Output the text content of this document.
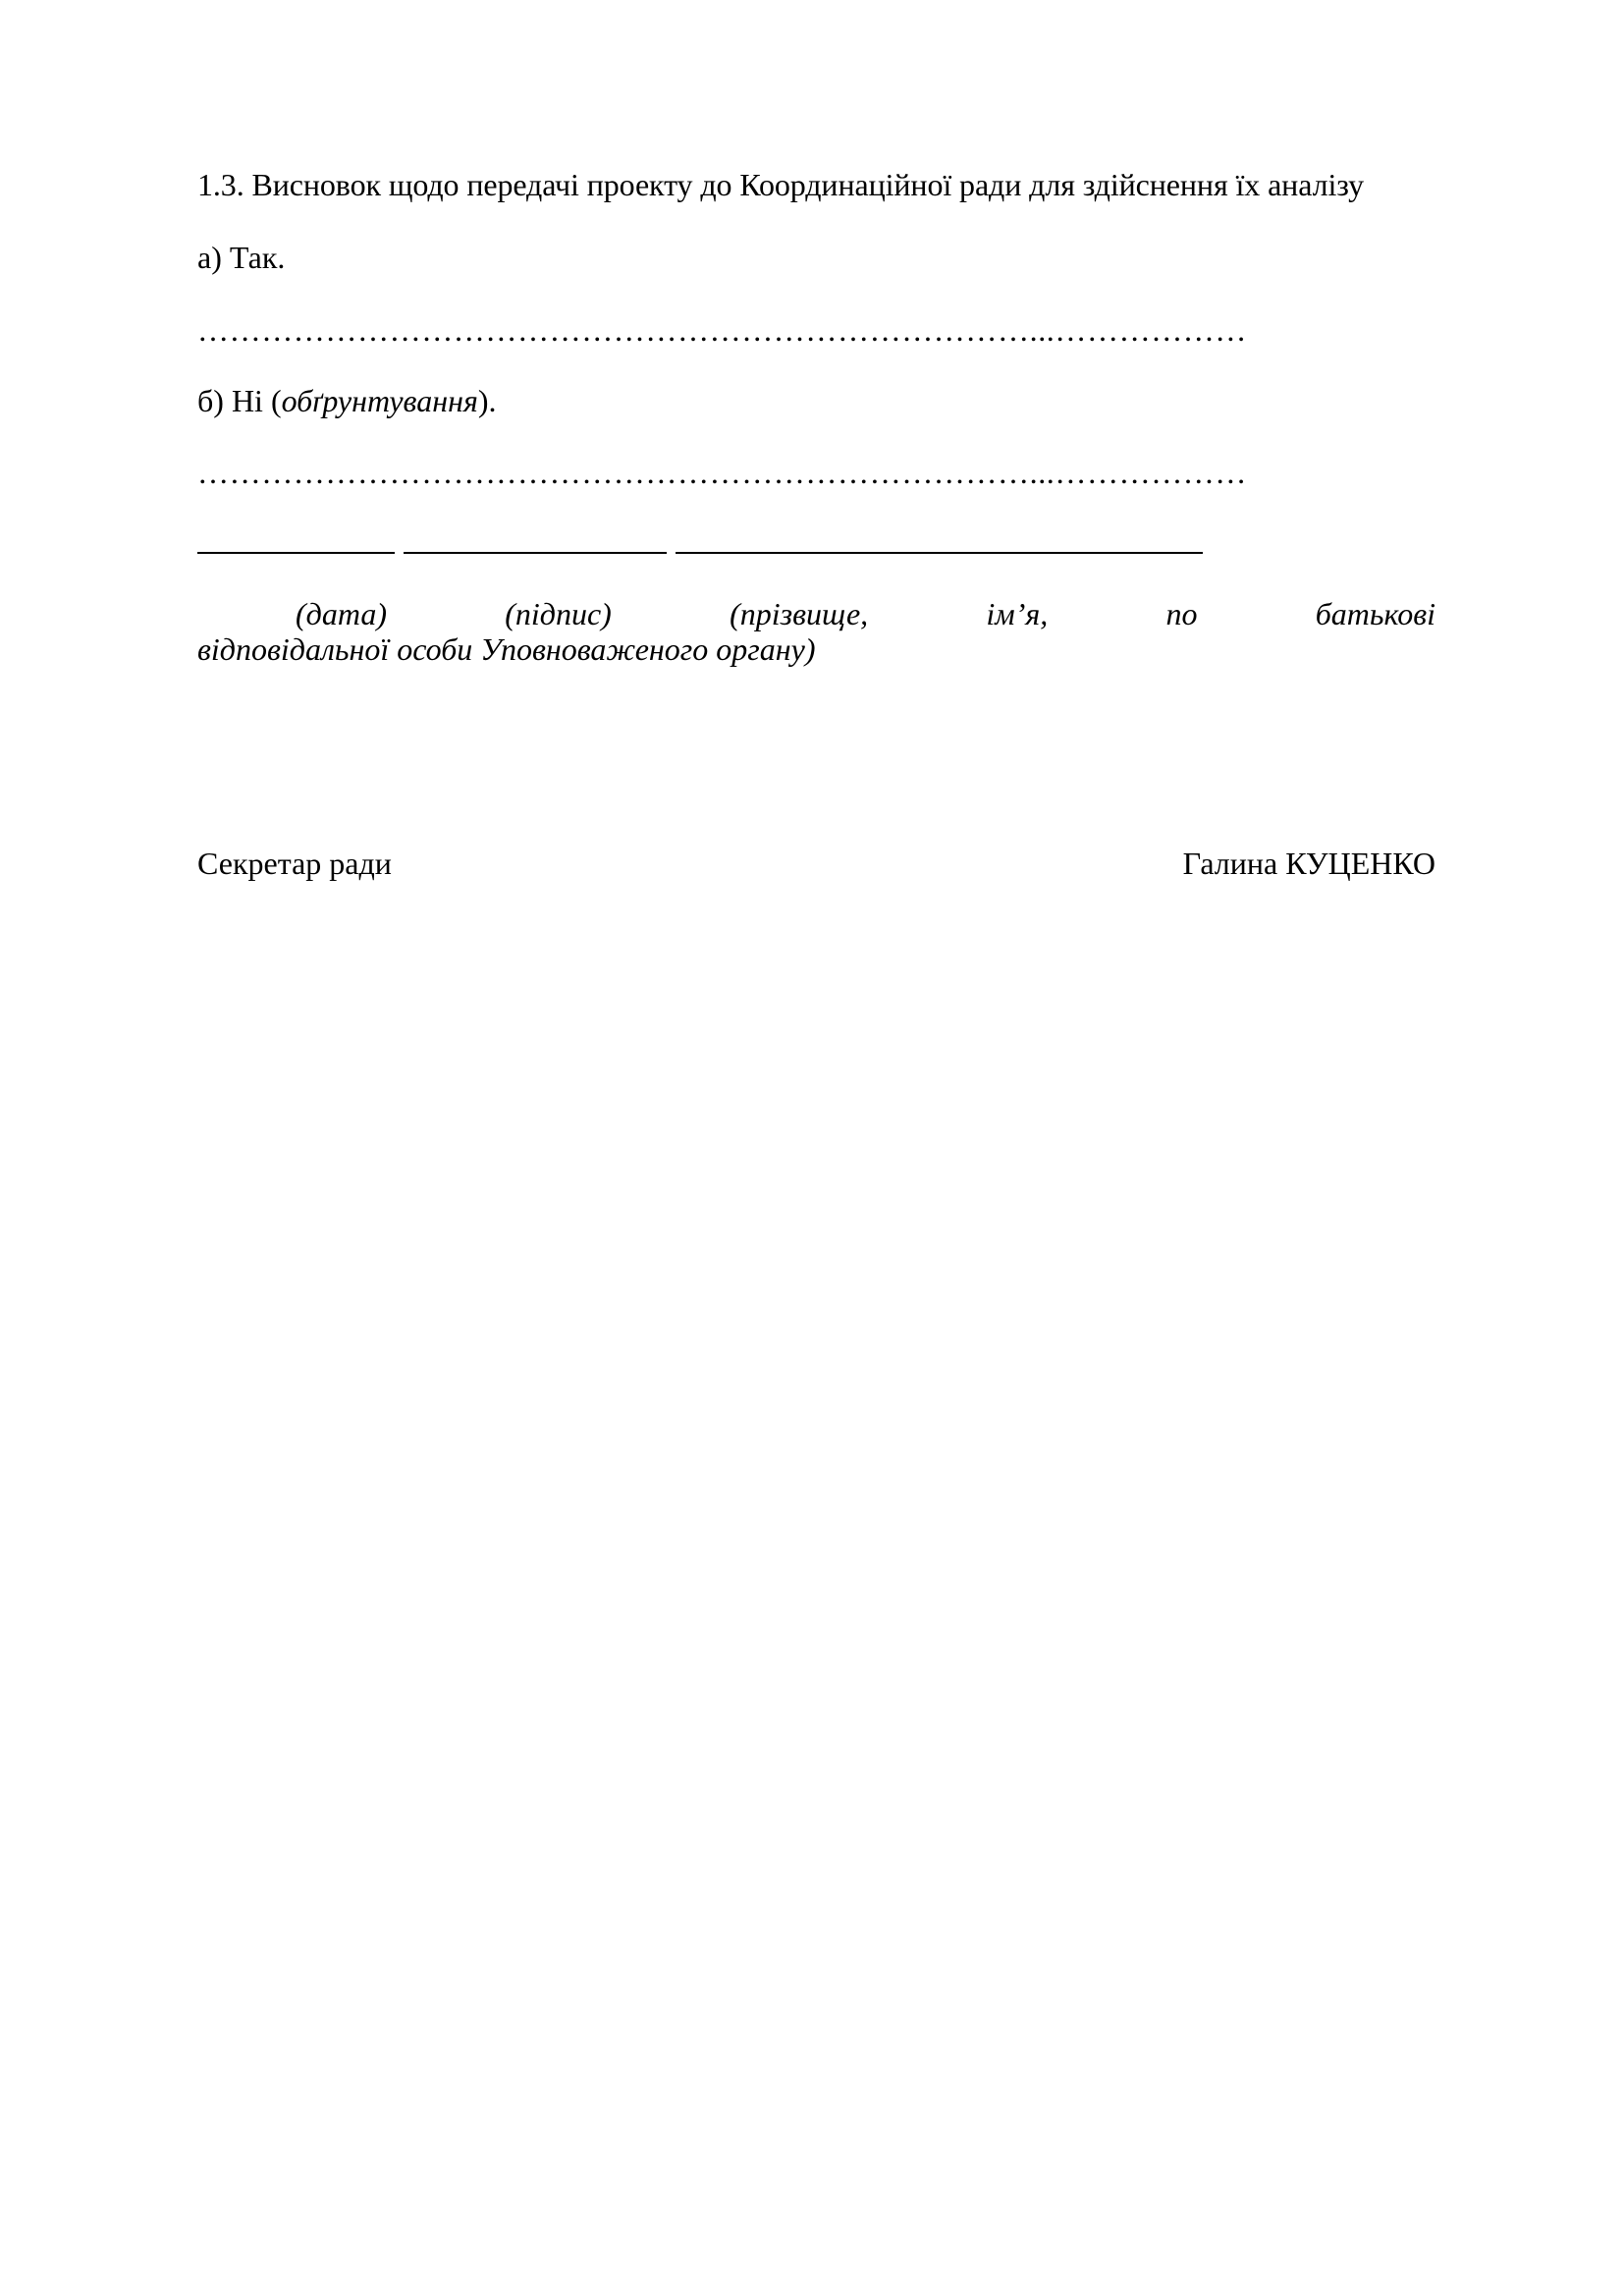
1.3. Висновок щодо передачі проекту до Координаційної ради для здійснення їх аналізу
а) Так.
……………………………………………………………………...………………
б) Ні (обґрунтування).
……………………………………………………………………...………………
(дата)	(підпис)	(прізвище,	ім’я,	по	батькові
відповідальної особи Уповноваженого органу)
Секретар ради	Галина КУЦЕНКО
